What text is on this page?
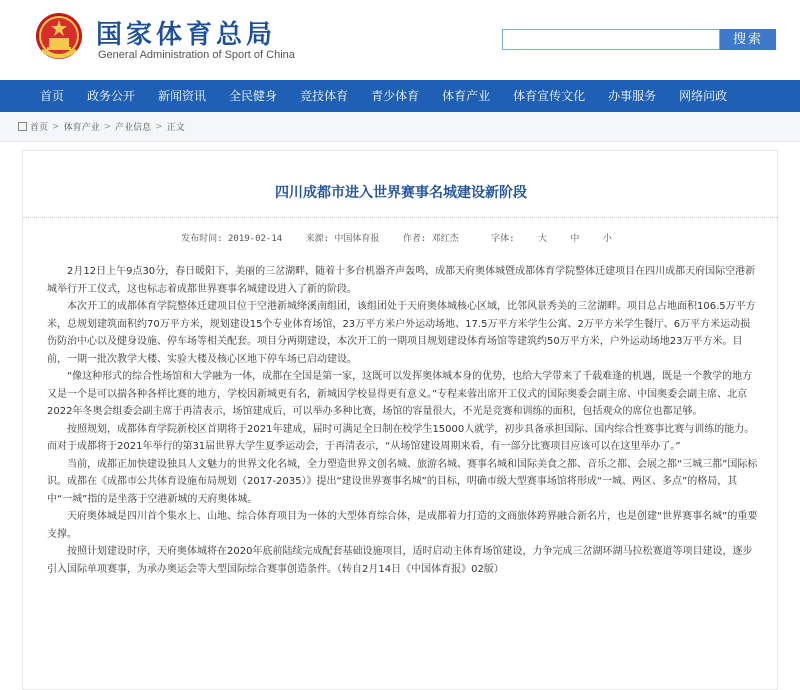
国家体育总局
General Administration of Sport of China
搜索
首页	政务公开	新闻资讯	全民健身	竞技体育	青少体育	体育产业	体育宣传文化	办事服务	网络问政
首页 > 体育产业 > 产业信息 > 正文
四川成都市进入世界赛事名城建设新阶段
发布时间: 2019-02-14	来源: 中国体育报	作者: 邓红杰	字体:	大	中	小

2月12日上午9点30分，春日暖阳下，美丽的三岔湖畔，随着十多台机器齐声轰鸣，成都天府奥体城暨成都体育学院整体迁建项目在四川成都天府国际空港新城举行开工仪式，这也标志着成都世界赛事名城建设进入了新的阶段。

本次开工的成都体育学院整体迁建项目位于空港新城绛溪南组团，该组团处于天府奥体城核心区域，比邻风景秀美的三岔湖畔。项目总占地面积106.5万平方米，总规划建筑面积约70万平方米，规划建设15个专业体育场馆，23万平方米户外运动场地、17.5万平方米学生公寓、2万平方米学生餐厅、6万平方米运动损伤防治中心以及健身设施、停车场等相关配套。项目分两期建设，本次开工的一期项目规划建设体育场馆等建筑约50万平方米，户外运动场地23万平方米。目前，一期一批次教学大楼、实验大楼及核心区地下停车场已启动建设。

“像这种形式的综合性场馆和大学融为一体，成都在全国是第一家，这既可以发挥奥体城本身的优势，也给大学带来了千载难逢的机遇，既是一个教学的地方又是一个是可以揣各种各样比赛的地方，学校因新城更有名，新城因学校显得更有意义。”专程来蓉出席开工仪式的国际奥委会副主席、中国奥委会副主席、北京2022年冬奥会组委会副主席于再清表示，场馆建成后，可以举办多种比赛，场馆的容量很大，不光是竞赛和训练的面积，包括观众的席位也都足够。

按照规划，成都体育学院新校区首期将于2021年建成，届时可满足全日制在校学生15000人就学，初步具备承担国际、国内综合性赛事比赛与训练的能力。而对于成都将于2021年举行的第31届世界大学生夏季运动会，于再清表示，“从场馆建设周期来看，有一部分比赛项目应该可以在这里举办了。”

当前，成都正加快建设独具人文魅力的世界文化名城，全力塑造世界文创名城、旅游名城、赛事名城和国际美食之都、音乐之都、会展之都“三城三都”国际标识。成都在《成都市公共体育设施布局规划（2017-2035）》提出“建设世界赛事名城”的目标，明确市级大型赛事场馆将形成“一城、两区、多点”的格局，其中“一城”指的是坐落于空港新城的天府奥体城。

天府奥体城是四川首个集水上、山地、综合体育项目为一体的大型体育综合体，是成都着力打造的文商旅体跨界融合新名片，也是创建“世界赛事名城”的重要支撑。

按照计划建设时序，天府奥体城将在2020年底前陆续完成配套基础设施项目，适时启动主体育场馆建设，力争完成三岔湖环湖马拉松赛道等项目建设，逐步引入国际单项赛事，为承办奥运会等大型国际综合赛事创造条件。（转自2月14日《中国体育报》02版）
